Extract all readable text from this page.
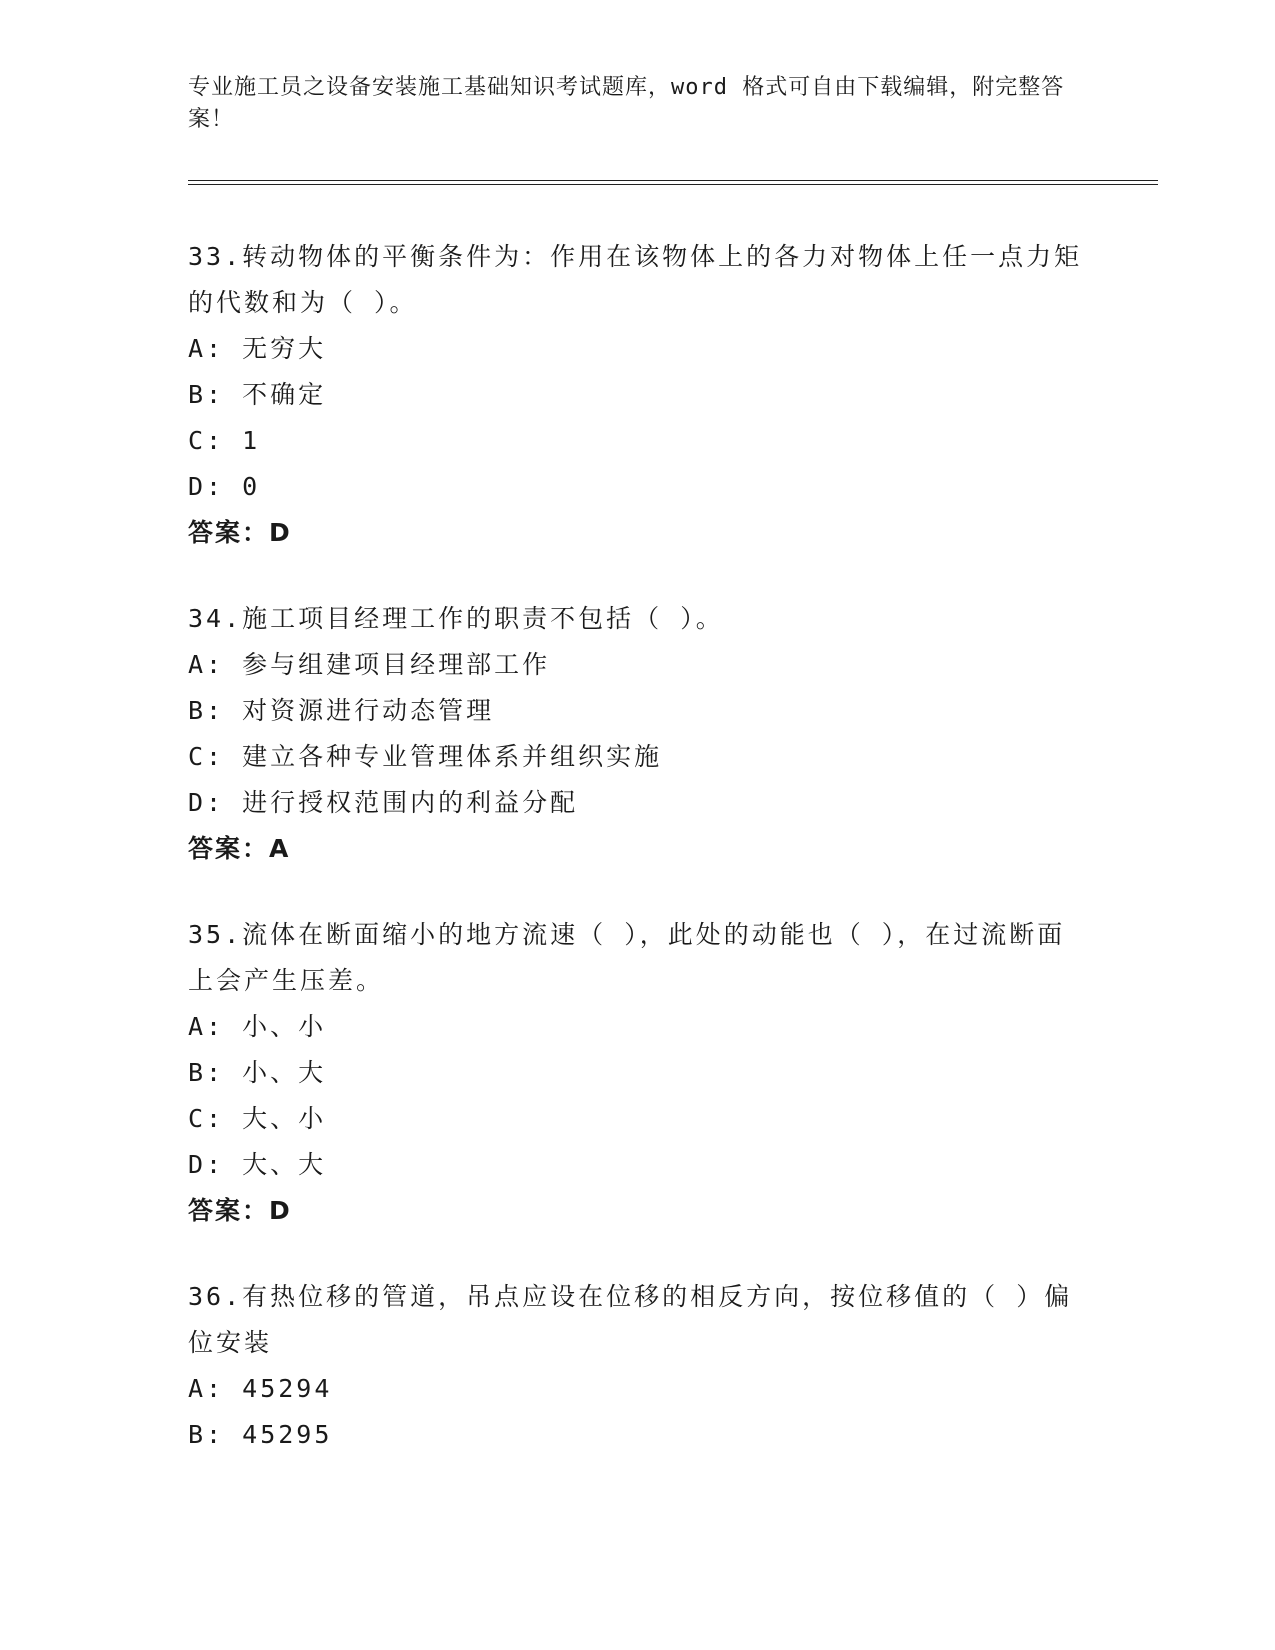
专业施工员之设备安装施工基础知识考试题库，word 格式可自由下载编辑，附完整答案！
33.转动物体的平衡条件为：作用在该物体上的各力对物体上任一点力矩的代数和为（ ）。
A: 无穷大
B: 不确定
C: 1
D: 0
答案：D
34.施工项目经理工作的职责不包括（ ）。
A: 参与组建项目经理部工作
B: 对资源进行动态管理
C: 建立各种专业管理体系并组织实施
D: 进行授权范围内的利益分配
答案：A
35.流体在断面缩小的地方流速（ ），此处的动能也（ ），在过流断面上会产生压差。
A: 小、小
B: 小、大
C: 大、小
D: 大、大
答案：D
36.有热位移的管道，吊点应设在位移的相反方向，按位移值的（ ）偏位安装
A: 45294
B: 45295
